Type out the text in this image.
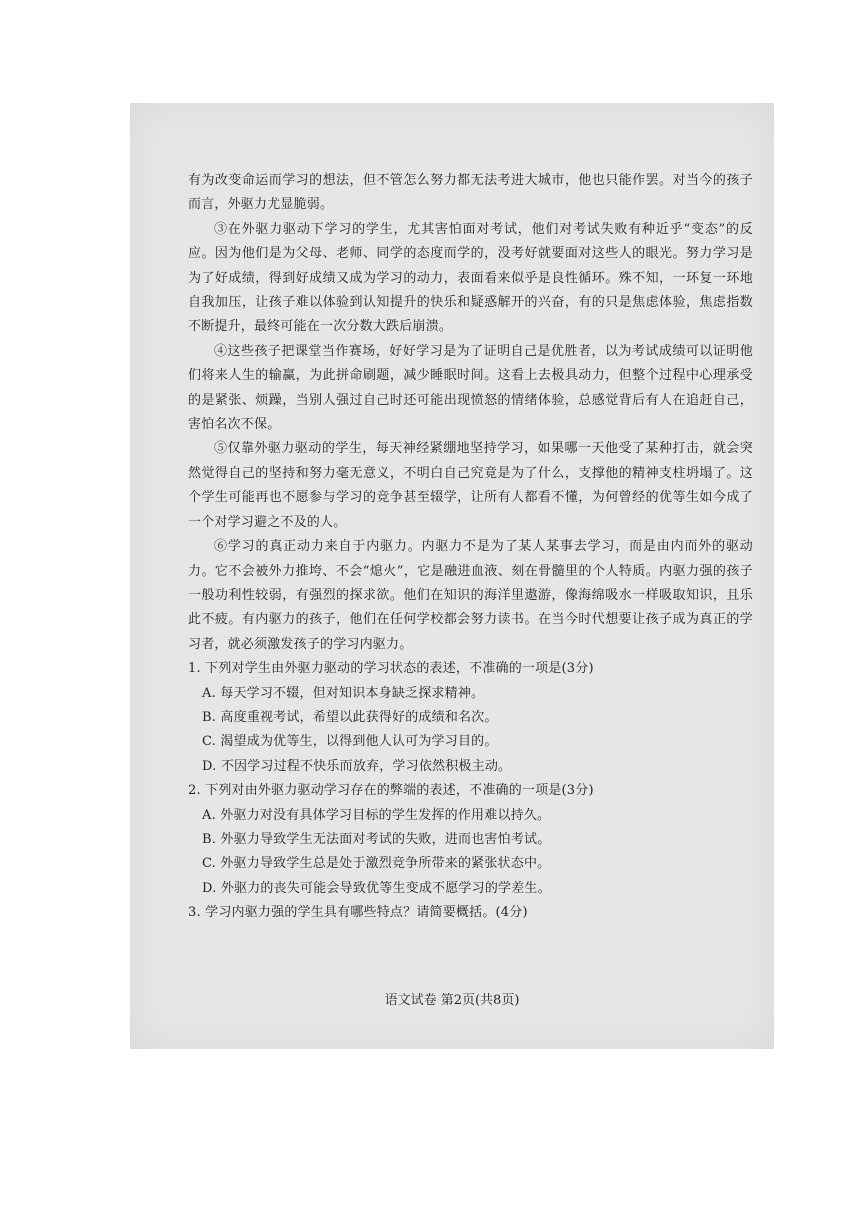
有为改变命运而学习的想法，但不管怎么努力都无法考进大城市，他也只能作罢。对当今的孩子而言，外驱力尤显脆弱。

③在外驱力驱动下学习的学生，尤其害怕面对考试，他们对考试失败有种近乎“变态”的反应。因为他们是为父母、老师、同学的态度而学的，没考好就要面对这些人的眼光。努力学习是为了好成绩，得到好成绩又成为学习的动力，表面看来似乎是良性循环。殊不知，一环复一环地自我加压，让孩子难以体验到认知提升的快乐和疑惑解开的兴奋，有的只是焦虑体验，焦虑指数不断提升，最终可能在一次分数大跌后崩溃。

④这些孩子把课堂当作赛场，好好学习是为了证明自己是优胜者，以为考试成绩可以证明他们将来人生的输赢，为此拼命刷题，减少睡眠时间。这看上去极具动力，但整个过程中心理承受的是紧张、烦躁，当别人强过自己时还可能出现愤怒的情绪体验，总感觉背后有人在追赶自己，害怕名次不保。

⑤仅靠外驱力驱动的学生，每天神经紧绷地坚持学习，如果哪一天他受了某种打击，就会突然觉得自己的坚持和努力毫无意义，不明白自己究竟是为了什么，支撑他的精神支柱坍塌了。这个学生可能再也不愿参与学习的竞争甚至辍学，让所有人都看不懂，为何曾经的优等生如今成了一个对学习避之不及的人。

⑥学习的真正动力来自于内驱力。内驱力不是为了某人某事去学习，而是由内而外的驱动力。它不会被外力推垮、不会“熄火”，它是融进血液、刻在骨髓里的个人特质。内驱力强的孩子一般功利性较弱，有强烈的探求欲。他们在知识的海洋里遨游，像海绵吸水一样吸取知识，且乐此不疲。有内驱力的孩子，他们在任何学校都会努力读书。在当今时代想要让孩子成为真正的学习者，就必须激发孩子的学习内驱力。

1. 下列对学生由外驱力驱动的学习状态的表述，不准确的一项是(3分)

A. 每天学习不辍，但对知识本身缺乏探求精神。

B. 高度重视考试，希望以此获得好的成绩和名次。

C. 渴望成为优等生，以得到他人认可为学习目的。

D. 不因学习过程不快乐而放弃，学习依然积极主动。

2. 下列对由外驱力驱动学习存在的弊端的表述，不准确的一项是(3分)

A. 外驱力对没有具体学习目标的学生发挥的作用难以持久。

B. 外驱力导致学生无法面对考试的失败，进而也害怕考试。

C. 外驱力导致学生总是处于激烈竞争所带来的紧张状态中。

D. 外驱力的丧失可能会导致优等生变成不愿学习的学差生。

3. 学习内驱力强的学生具有哪些特点？请简要概括。(4分)

语文试卷 第2页(共8页)
